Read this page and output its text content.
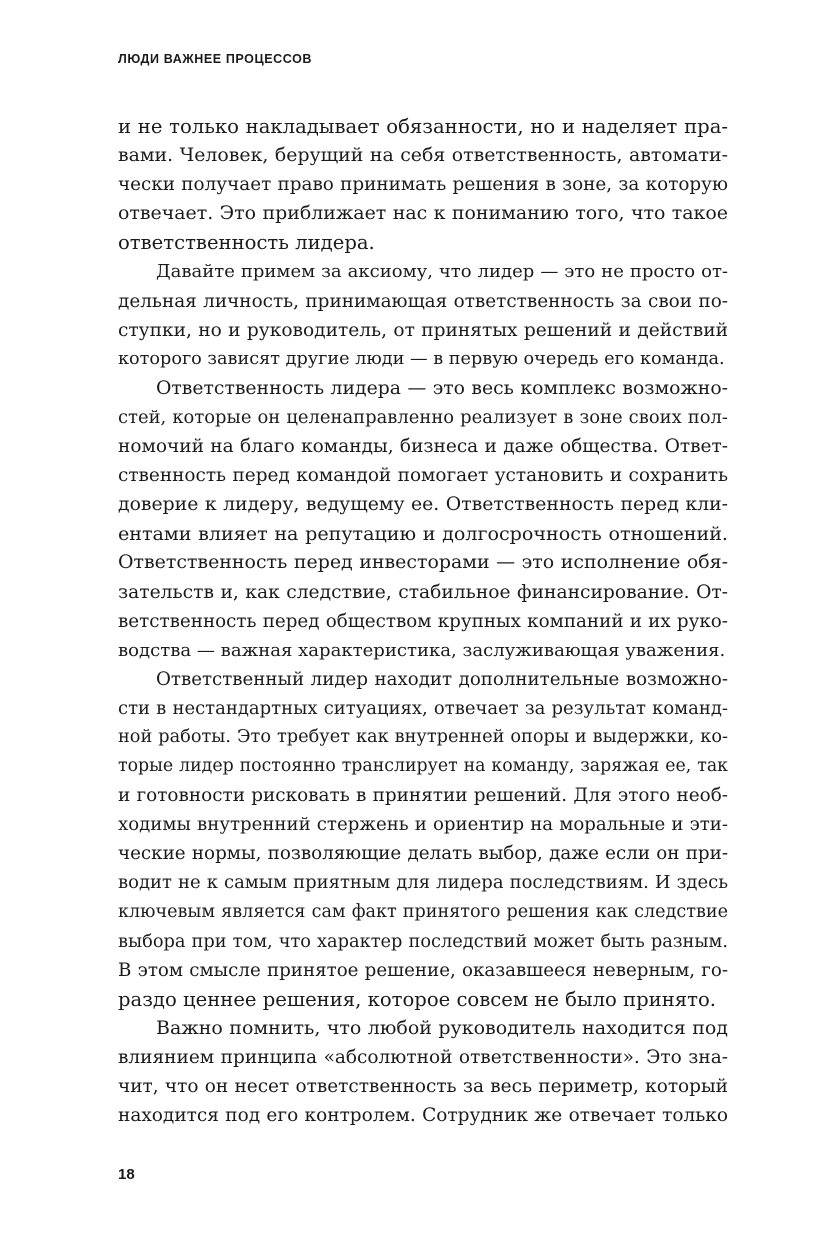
ЛЮДИ ВАЖНЕЕ ПРОЦЕССОВ
и не только накладывает обязанности, но и наделяет пра-
вами. Человек, берущий на себя ответственность, автомати-
чески получает право принимать решения в зоне, за которую
отвечает. Это приближает нас к пониманию того, что такое
ответственность лидера.
Давайте примем за аксиому, что лидер — это не просто от-
дельная личность, принимающая ответственность за свои по-
ступки, но и руководитель, от принятых решений и действий
которого зависят другие люди — в первую очередь его команда.
Ответственность лидера — это весь комплекс возможно-
стей, которые он целенаправленно реализует в зоне своих пол-
номочий на благо команды, бизнеса и даже общества. Ответ-
ственность перед командой помогает установить и сохранить
доверие к лидеру, ведущему ее. Ответственность перед кли-
ентами влияет на репутацию и долгосрочность отношений.
Ответственность перед инвесторами — это исполнение обя-
зательств и, как следствие, стабильное финансирование. От-
ветственность перед обществом крупных компаний и их руко-
водства — важная характеристика, заслуживающая уважения.
Ответственный лидер находит дополнительные возможно-
сти в нестандартных ситуациях, отвечает за результат команд-
ной работы. Это требует как внутренней опоры и выдержки, ко-
торые лидер постоянно транслирует на команду, заряжая ее, так
и готовности рисковать в принятии решений. Для этого необ-
ходимы внутренний стержень и ориентир на моральные и эти-
ческие нормы, позволяющие делать выбор, даже если он при-
водит не к самым приятным для лидера последствиям. И здесь
ключевым является сам факт принятого решения как следствие
выбора при том, что характер последствий может быть разным.
В этом смысле принятое решение, оказавшееся неверным, го-
раздо ценнее решения, которое совсем не было принято.
Важно помнить, что любой руководитель находится под
влиянием принципа «абсолютной ответственности». Это зна-
чит, что он несет ответственность за весь периметр, который
находится под его контролем. Сотрудник же отвечает только
18
